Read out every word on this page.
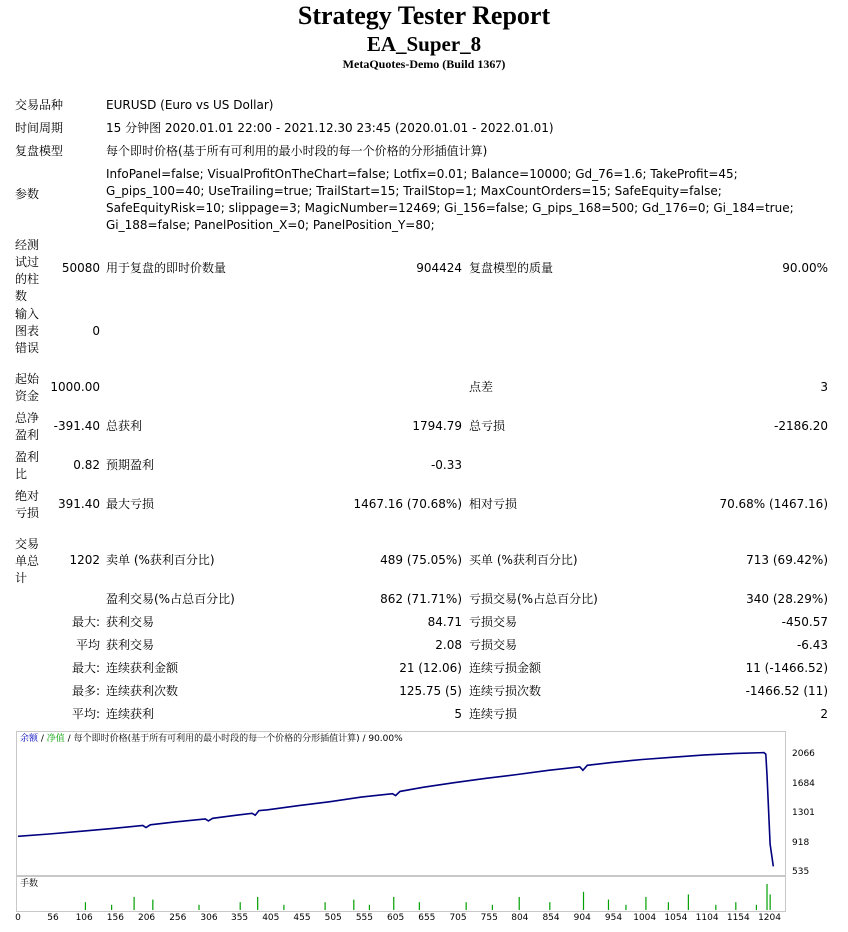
Strategy Tester Report
EA_Super_8
MetaQuotes-Demo (Build 1367)
交易品种	EURUSD (Euro vs US Dollar)
时间周期	15 分钟图 2020.01.01 22:00 - 2021.12.30 23:45 (2020.01.01 - 2022.01.01)
复盘模型	每个即时价格(基于所有可利用的最小时段的每一个价格的分形插值计算)
参数
InfoPanel=false; VisualProfitOnTheChart=false; Lotfix=0.01; Balance=10000; Gd_76=1.6; TakeProfit=45; G_pips_100=40; UseTrailing=true; TrailStart=15; TrailStop=1; MaxCountOrders=15; SafeEquity=false; SafeEquityRisk=10; slippage=3; MagicNumber=12469; Gi_156=false; G_pips_168=500; Gd_176=0; Gi_184=true; Gi_188=false; PanelPosition_X=0; PanelPosition_Y=80;
经测试过的柱数
50080 用于复盘的即时价数量	904424 复盘模型的质量	90.00%
输入图表错误
0
起始资金
1000.00	点差	3
总净盈利
-391.40 总获利	1794.79 总亏损	-2186.20
盈利比
0.82 预期盈利	-0.33
绝对亏损
391.40 最大亏损	1467.16 (70.68%) 相对亏损	70.68% (1467.16)
交易单总计
1202 卖单 (%获利百分比)	489 (75.05%) 买单 (%获利百分比)	713 (69.42%)
盈利交易(%占总百分比)	862 (71.71%) 亏损交易(%占总百分比)	340 (28.29%)
最大: 获利交易	84.71 亏损交易	-450.57
平均 获利交易	2.08 亏损交易	-6.43
最大: 连续获利金额	21 (12.06) 连续亏损金额	11 (-1466.52)
最多: 连续获利次数	125.75 (5) 连续亏损次数	-1466.52 (11)
平均: 连续获利	5 连续亏损	2
余额 / 净值 / 每个即时价格(基于所有可利用的最小时段的每一个价格的分形插值计算) / 90.00%
手数
2066
1684
1301
918
535
0	56 106 156 206 256 306 355 405 455 505 555 605 655 705 755 804 854 904 954 1004 1054 1104 1154 1204
